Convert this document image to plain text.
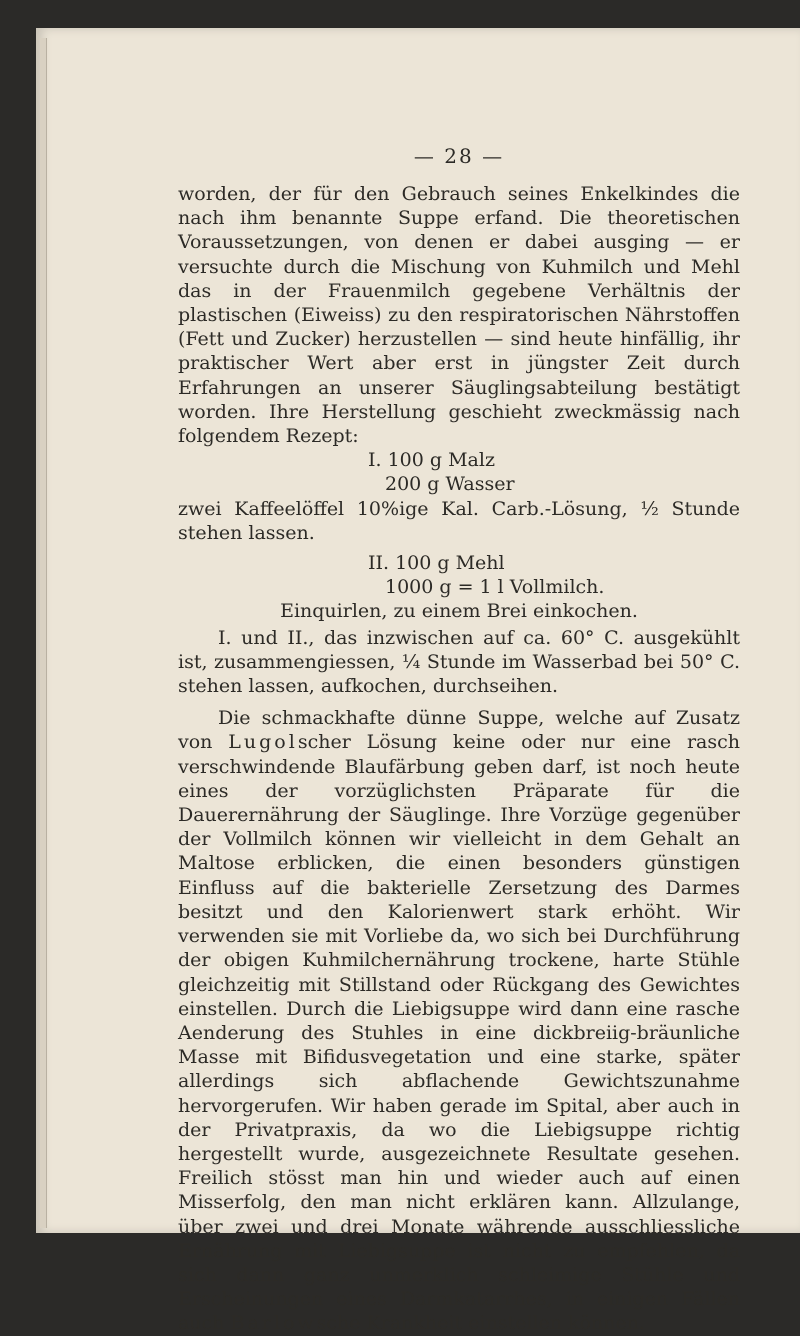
— 28 —

worden, der für den Gebrauch seines Enkelkindes die nach ihm benannte Suppe erfand. Die theoretischen Voraussetzungen, von denen er dabei ausging — er versuchte durch die Mischung von Kuhmilch und Mehl das in der Frauenmilch gegebene Verhältnis der plastischen (Eiweiss) zu den respiratorischen Nährstoffen (Fett und Zucker) herzustellen — sind heute hinfällig, ihr praktischer Wert aber erst in jüngster Zeit durch Erfahrungen an unserer Säuglingsabteilung bestätigt worden. Ihre Herstellung geschieht zweckmässig nach folgendem Rezept:

I. 100 g Malz
200 g Wasser

zwei Kaffeelöffel 10%ige Kal. Carb.-Lösung, ½ Stunde stehen lassen.

II. 100 g Mehl
1000 g = 1 l Vollmilch.

Einquirlen, zu einem Brei einkochen.

I. und II., das inzwischen auf ca. 60° C. ausgekühlt ist, zusammengiessen, ¼ Stunde im Wasserbad bei 50° C. stehen lassen, aufkochen, durchseihen.

Die schmackhafte dünne Suppe, welche auf Zusatz von Lugolscher Lösung keine oder nur eine rasch verschwindende Blaufärbung geben darf, ist noch heute eines der vorzüglichsten Präparate für die Dauerernährung der Säuglinge. Ihre Vorzüge gegenüber der Vollmilch können wir vielleicht in dem Gehalt an Maltose erblicken, die einen besonders günstigen Einfluss auf die bakterielle Zersetzung des Darmes besitzt und den Kalorienwert stark erhöht. Wir verwenden sie mit Vorliebe da, wo sich bei Durchführung der obigen Kuhmilchernährung trockene, harte Stühle gleichzeitig mit Stillstand oder Rückgang des Gewichtes einstellen. Durch die Liebigsuppe wird dann eine rasche Aenderung des Stuhles in eine dickbreiig-bräunliche Masse mit Bifidusvegetation und eine starke, später allerdings sich abflachende Gewichtszunahme hervorgerufen. Wir haben gerade im Spital, aber auch in der Privatpraxis, da wo die Liebigsuppe richtig hergestellt wurde, ausgezeichnete Resultate gesehen. Freilich stösst man hin und wieder auch auf einen Misserfolg, den man nicht erklären kann. Allzulange, über zwei und drei Monate währende ausschliessliche Ernährung mit Liebigsuppe ist nicht zu empfehlen, da sich dann ganz unmerklich schleimige Stühle und Erscheinungen eines Darmkatarrhes, in einigen Fällen auch Barlowsche Krankheit einstellen können.
